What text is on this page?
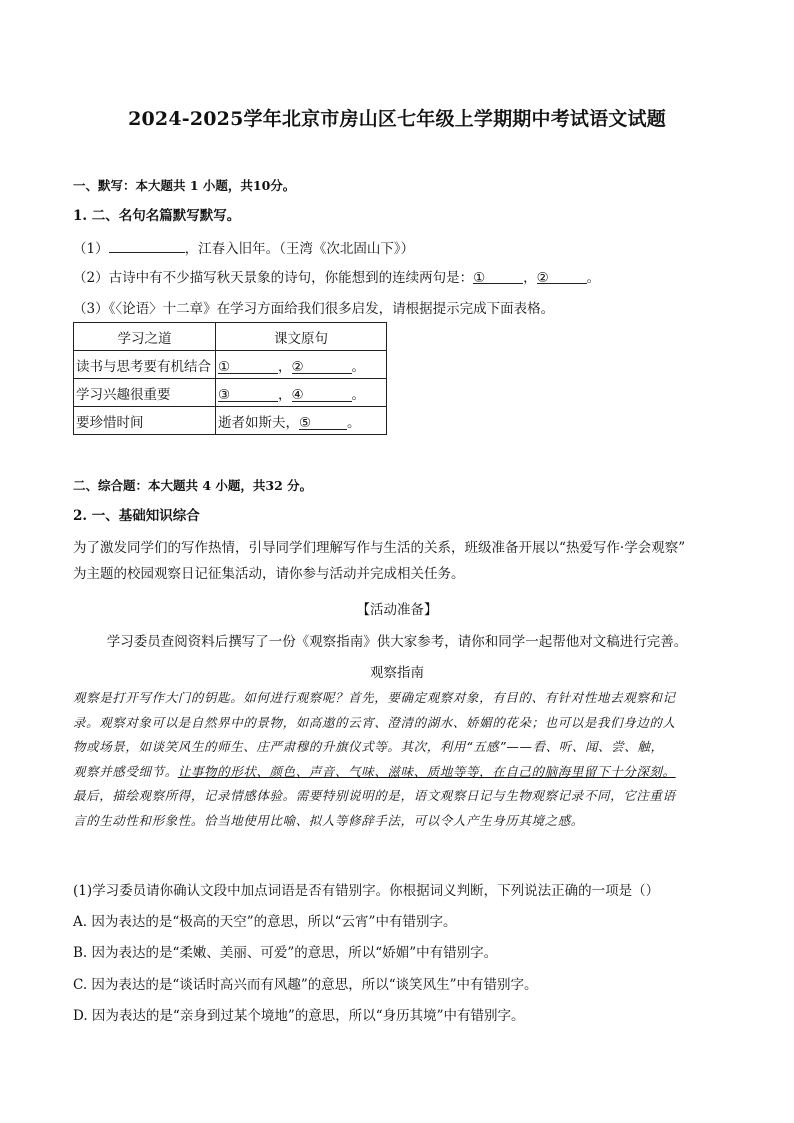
2024-2025学年北京市房山区七年级上学期期中考试语文试题
一、默写：本大题共 1 小题，共10分。
1. 二、名句名篇默写默写。
（1）	，江春入旧年。（王湾《次北固山下》）
（2）古诗中有不少描写秋天景象的诗句，你能想到的连续两句是：①	，②	。
（3）《〈论语〉十二章》在学习方面给我们很多启发，请根据提示完成下面表格。
学习之道	课文原句
读书与思考要有机结合	① ，② 。
学习兴趣很重要	③ ，④ 。
要珍惜时间	逝者如斯夫，⑤ 。
二、综合题：本大题共 4 小题，共32 分。
2. 一、基础知识综合
为了激发同学们的写作热情，引导同学们理解写作与生活的关系，班级准备开展以“热爱写作·学会观察”
为主题的校园观察日记征集活动，请你参与活动并完成相关任务。
【活动准备】
学习委员查阅资料后撰写了一份《观察指南》供大家参考，请你和同学一起帮他对文稿进行完善。
观察指南

观察是打开写作大门的钥匙。如何进行观察呢？首先，要确定观察对象，有目的、有针对性地去观察和记

录。观察对象可以是自然界中的景物，如高遨的云宵、澄清的湖水、娇媚的花朵；也可以是我们身边的人

物或场景，如谈笑风生的师生、庄严肃穆的升旗仪式等。其次，利用“五感”——看、听、闻、尝、触，

观察并感受细节。让事物的形状、颜色、声音、气味、滋味、质地等等，在自己的脑海里留下十分深刻。

最后，描绘观察所得，记录情感体验。需要特别说明的是，语文观察日记与生物观察记录不同，它注重语

言的生动性和形象性。恰当地使用比喻、拟人等修辞手法，可以令人产生身历其境之感。

(1)学习委员请你确认文段中加点词语是否有错别字。你根据词义判断，下列说法正确的一项是（）
A. 因为表达的是“极高的天空”的意思，所以“云宵”中有错别字。
B. 因为表达的是“柔嫩、美丽、可爱”的意思，所以“娇媚”中有错别字。
C. 因为表达的是“谈话时高兴而有风趣”的意思，所以“谈笑风生”中有错别字。
D. 因为表达的是“亲身到过某个境地”的意思，所以“身历其境”中有错别字。
